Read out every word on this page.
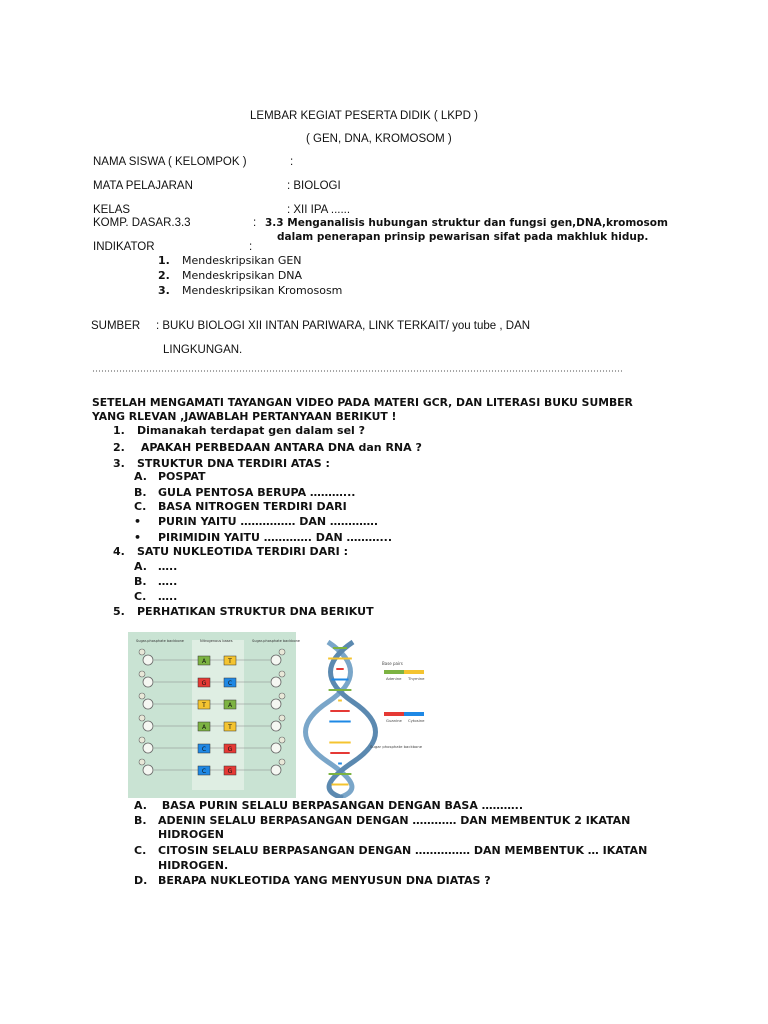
LEMBAR KEGIAT PESERTA DIDIK ( LKPD )
( GEN, DNA, KROMOSOM )
NAMA SISWA ( KELOMPOK )	:
MATA PELAJARAN	: BIOLOGI
KELAS	: XII IPA ......
KOMP. DASAR.3.3	: 3.3 Menganalisis hubungan struktur dan fungsi gen,DNA,kromosom
dalam penerapan prinsip pewarisan sifat pada makhluk hidup.
INDIKATOR	:
1. Mendeskripsikan GEN
2. Mendeskripsikan DNA
3. Mendeskripsikan Kromososm
SUMBER : BUKU BIOLOGI XII INTAN PARIWARA, LINK TERKAIT/ you tube , DAN
LINGKUNGAN.
SETELAH MENGAMATI TAYANGAN VIDEO PADA MATERI GCR, DAN LITERASI BUKU SUMBER
YANG RLEVAN ,JAWABLAH PERTANYAAN BERIKUT !
1. Dimanakah terdapat gen dalam sel ?
2. APAKAH PERBEDAAN ANTARA DNA dan RNA ?
3. STRUKTUR DNA TERDIRI ATAS :
A. POSPAT
B. GULA PENTOSA BERUPA ………...
C. BASA NITROGEN TERDIRI DARI
• PURIN YAITU …………… DAN ………….
• PIRIMIDIN YAITU …………. DAN ………...
4. SATU NUKLEOTIDA TERDIRI DARI :
A. …..
B. …..
C. …..
5. PERHATIKAN STRUKTUR DNA BERIKUT
Sugar-phosphate backbone	Nitrogenous bases	Sugar-phosphate backbone
A	T
G	C
T	A
A	T
C	G
C	G
Base pairs
Adenine Thymine
Guanine Cytosine
Sugar phosphate backbone
A. BASA PURIN SELALU BERPASANGAN DENGAN BASA ………..
B. ADENIN SELALU BERPASANGAN DENGAN ………… DAN MEMBENTUK 2 IKATAN
HIDROGEN
C. CITOSIN SELALU BERPASANGAN DENGAN …………… DAN MEMBENTUK … IKATAN
HIDROGEN.
D. BERAPA NUKLEOTIDA YANG MENYUSUN DNA DIATAS ?
